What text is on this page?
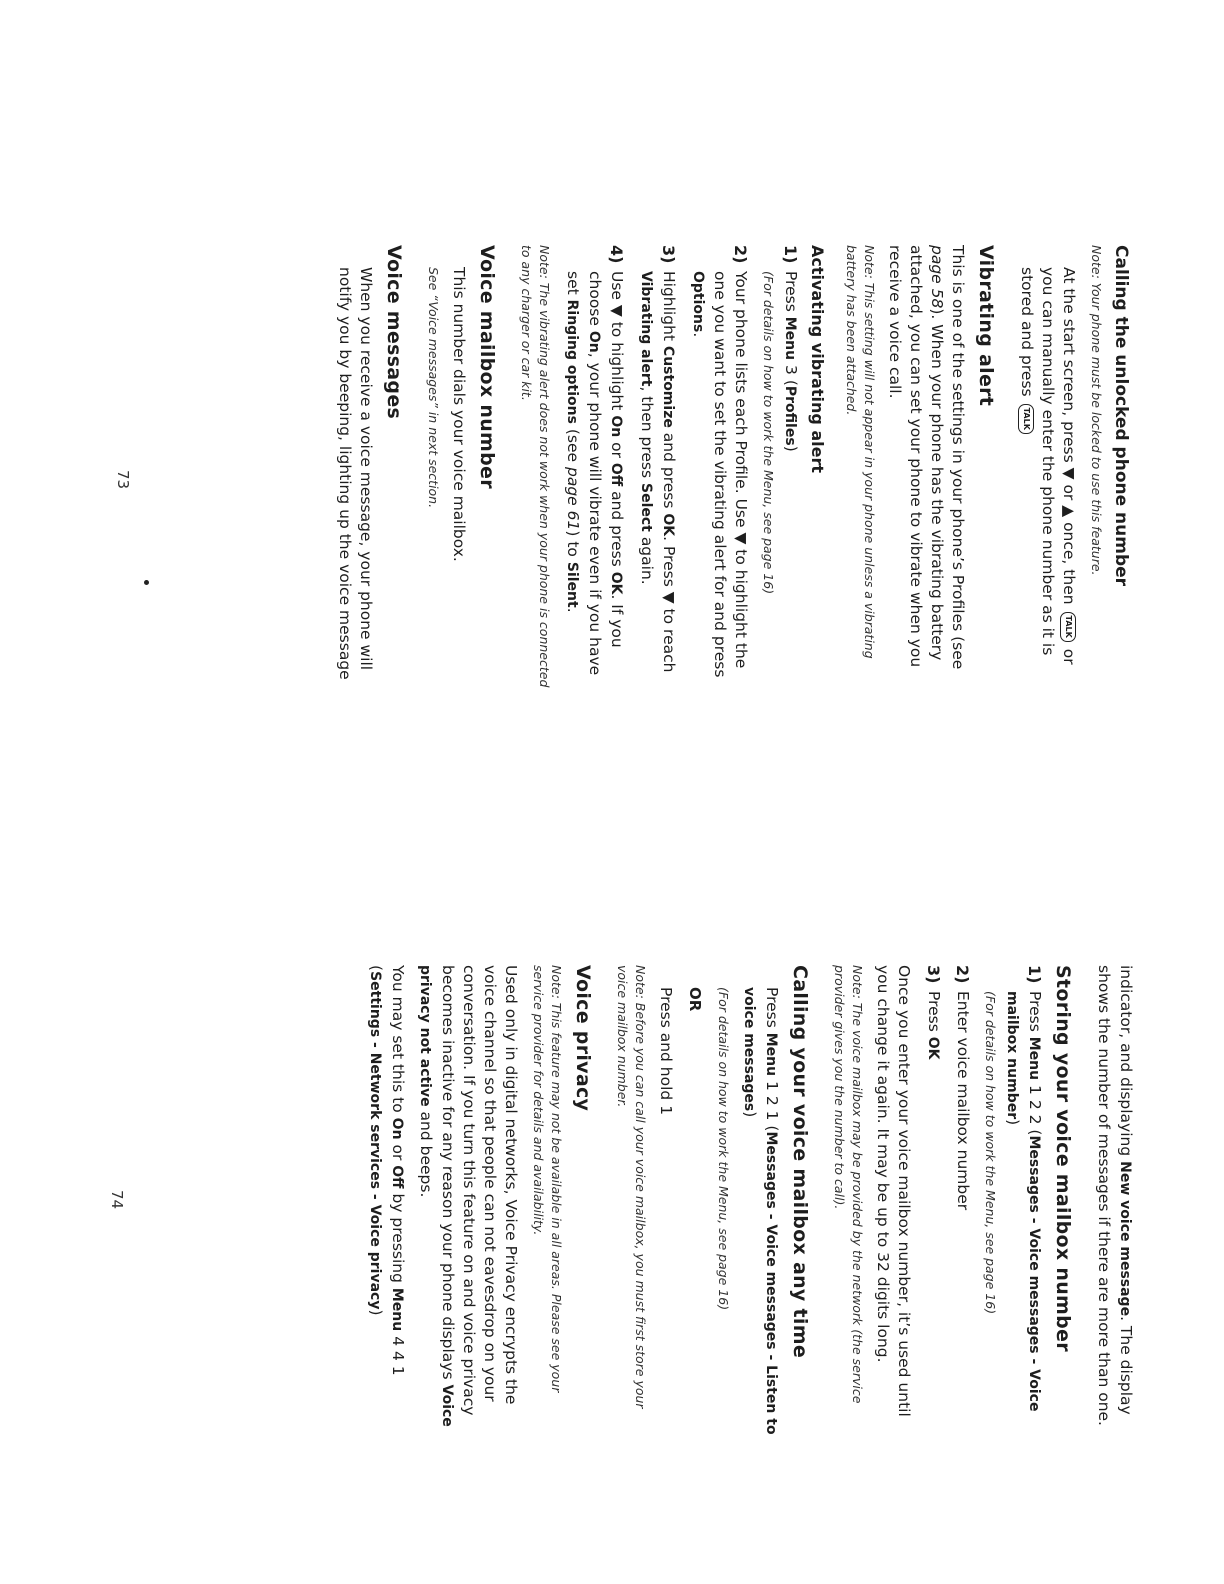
Calling the unlocked phone number
Note: Your phone must be locked to use this feature.

At the start screen, press ▼ or ▲ once, then TALK or you can manually enter the phone number as it is stored and press TALK

Vibrating alert

This is one of the settings in your phone’s Profiles (see page 58). When your phone has the vibrating battery attached, you can set your phone to vibrate when you receive a voice call.

Note: This setting will not appear in your phone unless a vibrating battery has been attached.
Activating vibrating alert
1)
Press Menu 3 (Profiles)
(For details on how to work the Menu, see page 16)
2)
Your phone lists each Profile. Use ▼ to highlight the one you want to set the vibrating alert for and press Options.
3)
Highlight Customize and press OK. Press ▼ to reach Vibrating alert, then press Select again.
4)
Use ▼ to highlight On or Off and press OK. If you choose On, your phone will vibrate even if you have set Ringing options (see page 61) to Silent.
Note: The vibrating alert does not work when your phone is connected to any charger or car kit.
Voice mailbox number

This number dials your voice mailbox.

See “Voice messages” in next section.
Voice messages

When you receive a voice message, your phone will notify you by beeping, lighting up the voice message

73

indicator, and displaying New voice message. The display shows the number of messages if there are more than one.

Storing your voice mailbox number
1)
Press Menu 1 2 2 (Messages - Voice messages - Voice mailbox number)
(For details on how to work the Menu, see page 16)
2)
Enter voice mailbox number
3)
Press OK

Once you enter your voice mailbox number, it’s used until you change it again. It may be up to 32 digits long.

Note: The voice mailbox may be provided by the network (the service provider gives you the number to call).
Calling your voice mailbox any time

Press Menu 1 2 1 (Messages - Voice messages - Listen to voice messages)

(For details on how to work the Menu, see page 16)
OR

Press and hold 1

Note: Before you can call your voice mailbox, you must first store your voice mailbox number.
Voice privacy
Note: This feature may not be available in all areas. Please see your service provider for details and availability.

Used only in digital networks, Voice Privacy encrypts the voice channel so that people can not eavesdrop on your conversation. If you turn this feature on and voice privacy becomes inactive for any reason your phone displays Voice privacy not active and beeps.

You may set this to On or Off by pressing Menu 4 4 1 (Settings - Network services - Voice privacy)

74
